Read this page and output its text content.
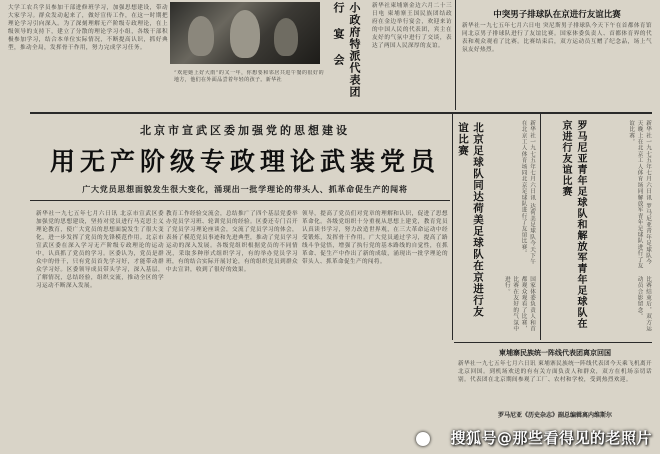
大学工农兵学员参加干部进修班学习，加强思想建设，带动大家学习。群众发动起来了，做好宣传工作，在这一时期把理论学习引向深入。为了深刻理解无产阶级专政理论，在上级领导的支持下，建立了分散的理论学习小组，各级干部积极参加学习，结合本单位实际情况，不断提高认识，抓好典型，推动全局，发挥骨干作用，努力完成学习任务。
“欢迎她上好大雨”的又一年，你想要和邻居共进午餐的很好的地方，他们在外面品尝着年轻的孩子。新华社	小政府特派代表团 行 宴 会	新华社柬埔寨金边六月二十三日电 柬埔寨王国民族团结政府在金边举行宴会，欢迎来访的中国人民的代表团，宾主在友好的气氛中进行了交谈，表达了两国人民深厚的友谊。
中突男子排球队在京进行友谊比赛
新华社一九七五年七月六日电 突尼斯男子排球队今天下午在首都体育馆同北京男子排球队进行了友谊比赛。国家体委负责人、首都体育界的代表和观众观看了比赛。比赛结束后，双方运动员互赠了纪念品，场上气氛友好热烈。
北京市宣武区委加强党的思想建设
用无产阶级专政理论武装党员
广大党员思想面貌发生很大变化，涌现出一批学理论的带头人、抓革命促生产的闯将
新华社一九七五年七月六日讯 北京市宣武区委加强党的思想建设，坚持对党员进行马克思主义理论教育，使广大党员的思想面貌发生了很大变化，进一步发挥了党员的先锋模范作用。北京市宣武区委在深入学习无产阶级专政理论的运动中，认真抓了党员的学习。区委认为，党员是群众中的骨干，只有党员首先学习好，才能带动群众学习好。区委领导成员带头学习，深入基层，了解情况，总结经验，组织交流，推动全区的学习运动不断深入发展。
教育工作经验交流会，总结推广了四个基层党委举办党员学习班、轮训党员的经验。区委还专门召开了党员学习理论座谈会，交流了党员学习的体会，表扬了模范党员事迹和先进典型，推动了党员学习运动的深入发展。各级党组织根据党员的不同情况，采取多种形式组织学习，有的举办党员学习班，有的结合实际开展讨论，有的组织党员到群众中去宣讲，收到了很好的效果。
领导，提高了党员们对党章的理解和认识，促进了思想革命化。各级党组织十分重视从思想上建党，教育党员认真读书学习，努力改造世界观，在三大革命运动中经受锻炼，发挥骨干作用。广大党员通过学习，提高了路线斗争觉悟，增强了执行党的基本路线的自觉性，在抓革命、促生产中作出了新的成绩，涌现出一批学理论的带头人、抓革命促生产的闯将。	北京足球队同达荷美足球队在京进行友谊比赛	新华社一九七五年七月六日讯 达荷美足球队今天下午在北京工人体育场同北京足球队进行了友谊比赛。
国家体委负责人和首都观众观看了比赛，比赛在友好的气氛中进行。	罗马尼亚青年足球队和解放军青年足球队在京进行友谊比赛	新华社一九七五年七月六日讯 罗马尼亚青年足球队今天晚上在北京工人体育场同解放军青年足球队进行了友谊比赛。
比赛结束后，双方运动员合影留念。
柬埔寨民族统一阵线代表团离京回国
新华社一九七五年七月六日讯 柬埔寨民族统一阵线代表团今天乘飞机离开北京回国。到机场欢送的有有关方面负责人和群众，双方在机场亲切话别。代表团在北京期间参观了工厂、农村和学校，受到热烈欢迎。
罗马尼亚《历史杂志》副总编辑离内维斯尔
搜狐号@那些看得见的老照片
